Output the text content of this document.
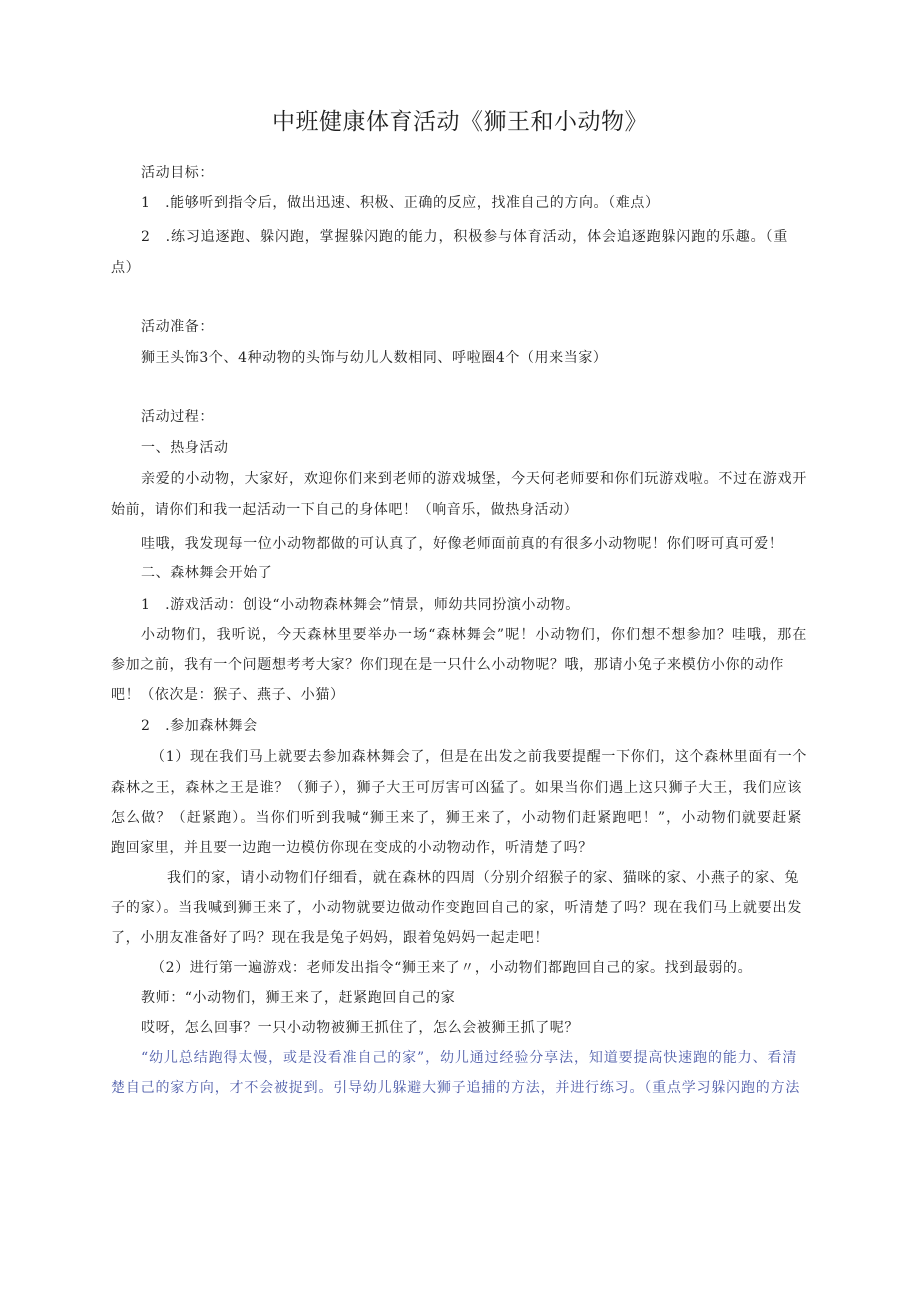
中班健康体育活动《狮王和小动物》
活动目标：
1　.能够听到指令后，做出迅速、积极、正确的反应，找准自己的方向。（难点）
2　.练习追逐跑、躲闪跑，掌握躲闪跑的能力，积极参与体育活动，体会追逐跑躲闪跑的乐趣。（重
点）
活动准备：
狮王头饰3个、4种动物的头饰与幼儿人数相同、呼啦圈4个（用来当家）
活动过程：
一、热身活动
亲爱的小动物，大家好，欢迎你们来到老师的游戏城堡，今天何老师要和你们玩游戏啦。不过在游戏开
始前，请你们和我一起活动一下自己的身体吧！（响音乐，做热身活动）
哇哦，我发现每一位小动物都做的可认真了，好像老师面前真的有很多小动物呢！你们呀可真可爱！
二、森林舞会开始了
1　.游戏活动：创设“小动物森林舞会”情景，师幼共同扮演小动物。
小动物们，我听说，今天森林里要举办一场“森林舞会”呢！小动物们，你们想不想参加？哇哦，那在
参加之前，我有一个问题想考考大家？你们现在是一只什么小动物呢？哦，那请小兔子来模仿小你的动作
吧！（依次是：猴子、燕子、小猫）
2　.参加森林舞会
（1）现在我们马上就要去参加森林舞会了，但是在出发之前我要提醒一下你们，这个森林里面有一个
森林之王，森林之王是谁？（狮子），狮子大王可厉害可凶猛了。如果当你们遇上这只狮子大王，我们应该
怎么做？（赶紧跑）。当你们听到我喊“狮王来了，狮王来了，小动物们赶紧跑吧！”，小动物们就要赶紧
跑回家里，并且要一边跑一边模仿你现在变成的小动物动作，听清楚了吗？
我们的家，请小动物们仔细看，就在森林的四周（分别介绍猴子的家、猫咪的家、小燕子的家、兔
子的家）。当我喊到狮王来了，小动物就要边做动作变跑回自己的家，听清楚了吗？现在我们马上就要出发
了，小朋友准备好了吗？现在我是兔子妈妈，跟着兔妈妈一起走吧！
（2）进行第一遍游戏：老师发出指令“狮王来了〃，小动物们都跑回自己的家。找到最弱的。
教师：“小动物们，狮王来了，赶紧跑回自己的家
哎呀，怎么回事？一只小动物被狮王抓住了，怎么会被狮王抓了呢？
“幼儿总结跑得太慢，或是没看准自己的家”，幼儿通过经验分享法，知道要提高快速跑的能力、看清
楚自己的家方向，才不会被捉到。引导幼儿躲避大狮子追捕的方法，并进行练习。（重点学习躲闪跑的方法
